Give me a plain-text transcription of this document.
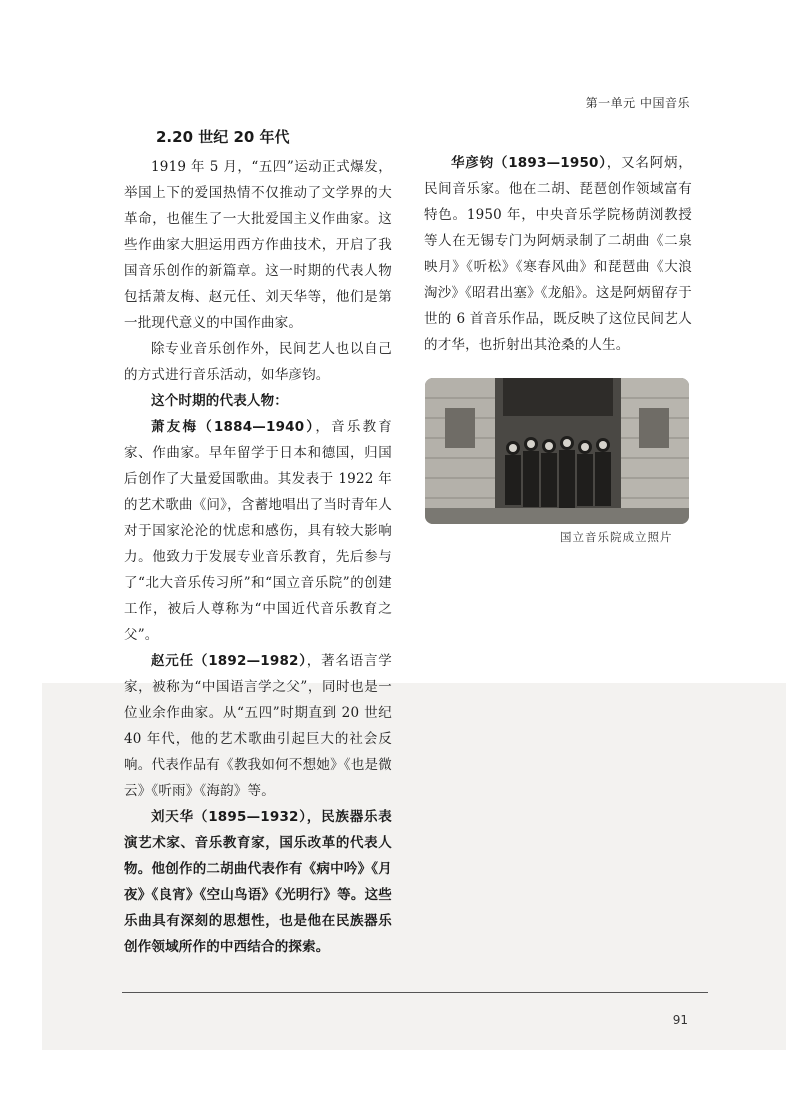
第一单元 中国音乐
2.20 世纪 20 年代

1919 年 5 月，“五四”运动正式爆发，举国上下的爱国热情不仅推动了文学界的大革命，也催生了一大批爱国主义作曲家。这些作曲家大胆运用西方作曲技术，开启了我国音乐创作的新篇章。这一时期的代表人物包括萧友梅、赵元任、刘天华等，他们是第一批现代意义的中国作曲家。

除专业音乐创作外，民间艺人也以自己的方式进行音乐活动，如华彦钧。

这个时期的代表人物：

萧友梅（1884—1940），音乐教育家、作曲家。早年留学于日本和德国，归国后创作了大量爱国歌曲。其发表于 1922 年的艺术歌曲《问》，含蓄地唱出了当时青年人对于国家沦沦的忧虑和感伤，具有较大影响力。他致力于发展专业音乐教育，先后参与了“北大音乐传习所”和“国立音乐院”的创建工作，被后人尊称为“中国近代音乐教育之父”。

赵元任（1892—1982），著名语言学家，被称为“中国语言学之父”，同时也是一位业余作曲家。从“五四”时期直到 20 世纪 40 年代，他的艺术歌曲引起巨大的社会反响。代表作品有《教我如何不想她》《也是微云》《听雨》《海韵》等。

刘天华（1895—1932），民族器乐表演艺术家、音乐教育家，国乐改革的代表人物。他创作的二胡曲代表作有《病中吟》《月夜》《良宵》《空山鸟语》《光明行》等。这些乐曲具有深刻的思想性，也是他在民族器乐创作领域所作的中西结合的探索。

华彦钧（1893—1950），又名阿炳，民间音乐家。他在二胡、琵琶创作领域富有特色。1950 年，中央音乐学院杨荫浏教授等人在无锡专门为阿炳录制了二胡曲《二泉映月》《听松》《寒春风曲》和琵琶曲《大浪淘沙》《昭君出塞》《龙船》。这是阿炳留存于世的 6 首音乐作品，既反映了这位民间艺人的才华，也折射出其沧桑的人生。

国立音乐院成立照片
91
